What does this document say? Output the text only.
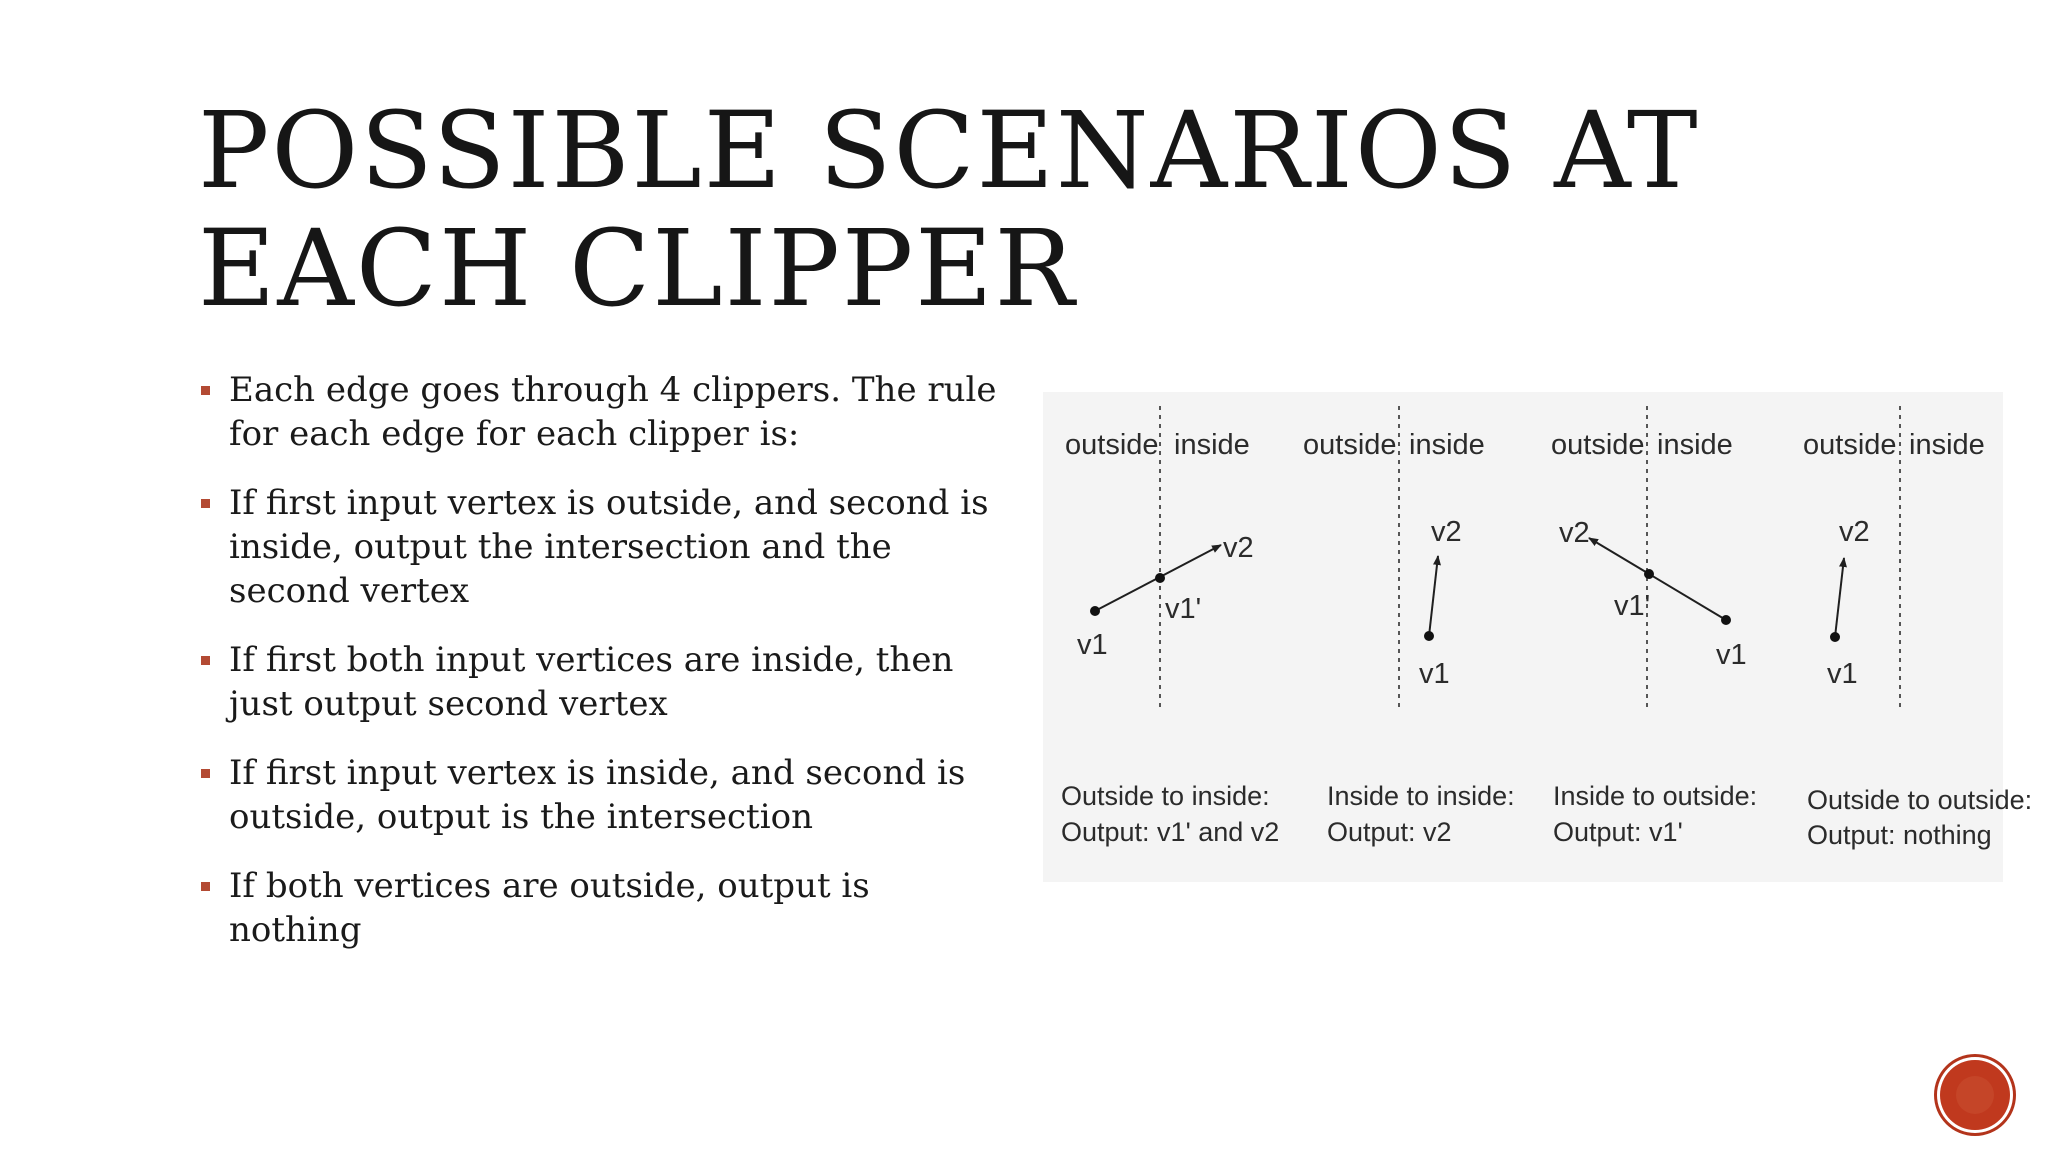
POSSIBLE SCENARIOS AT
EACH CLIPPER
Each edge goes through 4 clippers. The rule for each edge for each clipper is:
If first input vertex is outside, and second is inside, output the intersection and the second vertex
If first both input vertices are inside, then just output second vertex
If first input vertex is inside, and second is outside, output is the intersection
If both vertices are outside, output is nothing
outside inside
v2
v1'
v1
Outside to inside:
Output: v1' and v2
outside inside
v2
v1
Inside to inside:
Output: v2
outside inside
v2
v1'
v1
Inside to outside:
Output: v1'
outside inside
v2
v1
Outside to outside:
Output: nothing
